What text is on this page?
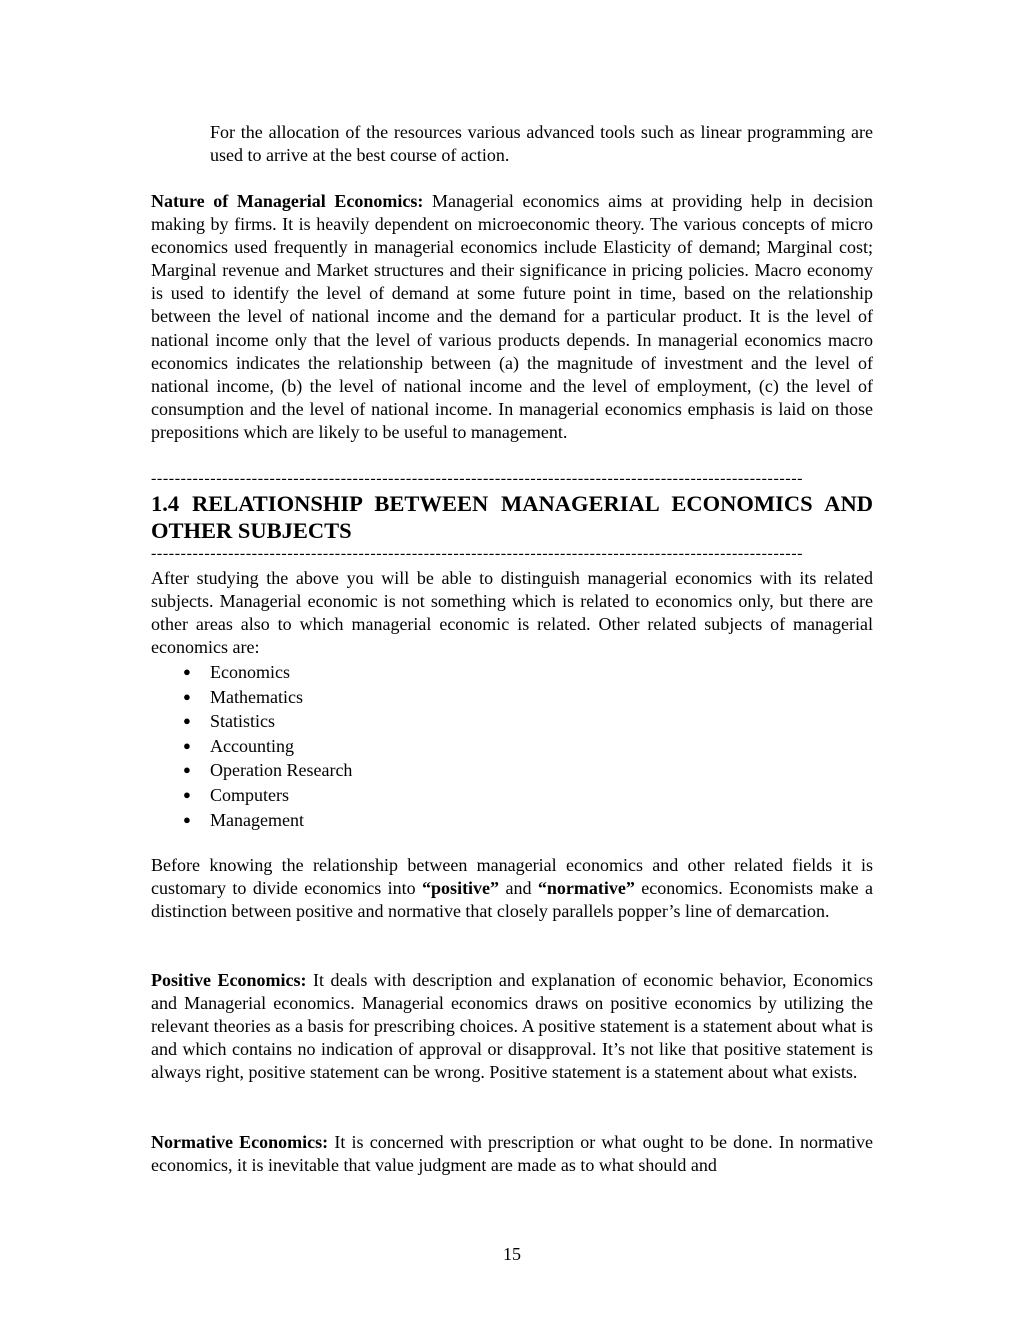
For the allocation of the resources various advanced tools such as linear programming are used to arrive at the best course of action.

Nature of Managerial Economics: Managerial economics aims at providing help in decision making by firms. It is heavily dependent on microeconomic theory. The various concepts of micro economics used frequently in managerial economics include Elasticity of demand; Marginal cost; Marginal revenue and Market structures and their significance in pricing policies. Macro economy is used to identify the level of demand at some future point in time, based on the relationship between the level of national income and the demand for a particular product. It is the level of national income only that the level of various products depends. In managerial economics macro economics indicates the relationship between (a) the magnitude of investment and the level of national income, (b) the level of national income and the level of employment, (c) the level of consumption and the level of national income. In managerial economics emphasis is laid on those prepositions which are likely to be useful to management.

--------------------------------------------------------------------------------------------------------------
1.4 RELATIONSHIP BETWEEN MANAGERIAL ECONOMICS AND OTHER SUBJECTS
--------------------------------------------------------------------------------------------------------------

After studying the above you will be able to distinguish managerial economics with its related subjects. Managerial economic is not something which is related to economics only, but there are other areas also to which managerial economic is related. Other related subjects of managerial economics are:

● Economics
● Mathematics
● Statistics
● Accounting
● Operation Research
● Computers
● Management

Before knowing the relationship between managerial economics and other related fields it is customary to divide economics into “positive” and “normative” economics. Economists make a distinction between positive and normative that closely parallels popper’s line of demarcation.

Positive Economics: It deals with description and explanation of economic behavior, Economics and Managerial economics. Managerial economics draws on positive economics by utilizing the relevant theories as a basis for prescribing choices. A positive statement is a statement about what is and which contains no indication of approval or disapproval. It’s not like that positive statement is always right, positive statement can be wrong. Positive statement is a statement about what exists.

Normative Economics: It is concerned with prescription or what ought to be done. In normative economics, it is inevitable that value judgment are made as to what should and

15
